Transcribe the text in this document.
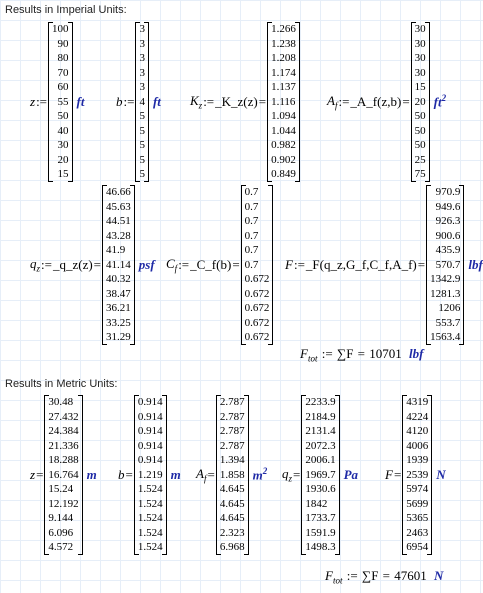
Results in Imperial Units:
z :=
100
90
80
70
60
55
50
40
30
20
15
ft b :=
3
3
3
3
3
4
5
5
5
5
5
ft $K_z$ := _K_z(z) =
1.266
1.238
1.208
1.174
1.137
1.116
1.094
1.044
0.982
0.902
0.849
$A_f$ := _A_f(z,b) =
30
30
30
30
15
20
50
50
50
25
75
$ft^2$
$q_z$ := _q_z(z) =
46.66
45.63
44.51
43.28
41.9
41.14
40.32
38.47
36.21
33.25
31.29
psf $C_f$ := _C_f(b) =
0.7
0.7
0.7
0.7
0.7
0.7
0.672
0.672
0.672
0.672
0.672
F := _F(q_z,G_f,C_f,A_f) =
970.9
949.6
926.3
900.6
435.9
570.7
1342.9
1281.3
1206
553.7
1563.4
lbf
$F_{tot}$ := ∑F = 10701 lbf
Results in Metric Units:
z =
30.48
27.432
24.384
21.336
18.288
16.764
15.24
12.192
9.144
6.096
4.572
m b =
0.914
0.914
0.914
0.914
0.914
1.219
1.524
1.524
1.524
1.524
1.524
m $A_f$ =
2.787
2.787
2.787
2.787
1.394
1.858
4.645
4.645
4.645
2.323
6.968
$m^2$ $q_z$ =
2233.9
2184.9
2131.4
2072.3
2006.1
1969.7
1930.6
1842
1733.7
1591.9
1498.3
Pa F =
4319
4224
4120
4006
1939
2539
5974
5699
5365
2463
6954
N
$F_{tot}$ := ∑F = 47601 N
